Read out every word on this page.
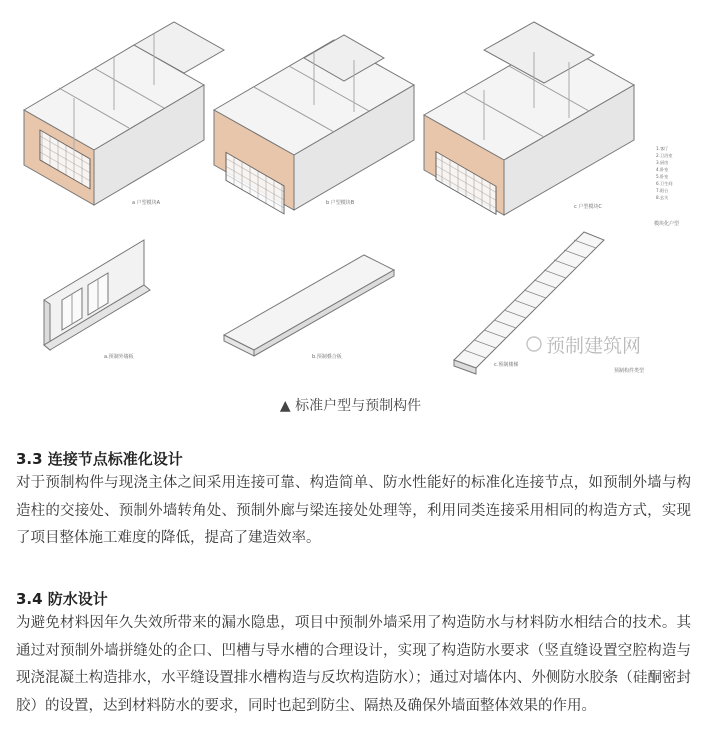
a 户型模块A	b 户型模块B
c 户型模块C
1.客厅
2.卫浴室
3.厨房
4.卧室
5.卧室
6.卫生间
7.阳台
8.玄关
模块化户型
a.预制外墙板	b.预制叠合板
c.预制楼梯
预制构件类型
预制建筑网
▲ 标准户型与预制构件

3.3 连接节点标准化设计

对于预制构件与现浇主体之间采用连接可靠、构造简单、防水性能好的标准化连接节点，如预制外墙与构造柱的交接处、预制外墙转角处、预制外廊与梁连接处处理等，利用同类连接采用相同的构造方式，实现了项目整体施工难度的降低，提高了建造效率。

3.4 防水设计

为避免材料因年久失效所带来的漏水隐患，项目中预制外墙采用了构造防水与材料防水相结合的技术。其通过对预制外墙拼缝处的企口、凹槽与导水槽的合理设计，实现了构造防水要求（竖直缝设置空腔构造与现浇混凝土构造排水，水平缝设置排水槽构造与反坎构造防水）；通过对墙体内、外侧防水胶条（硅酮密封胶）的设置，达到材料防水的要求，同时也起到防尘、隔热及确保外墙面整体效果的作用。
